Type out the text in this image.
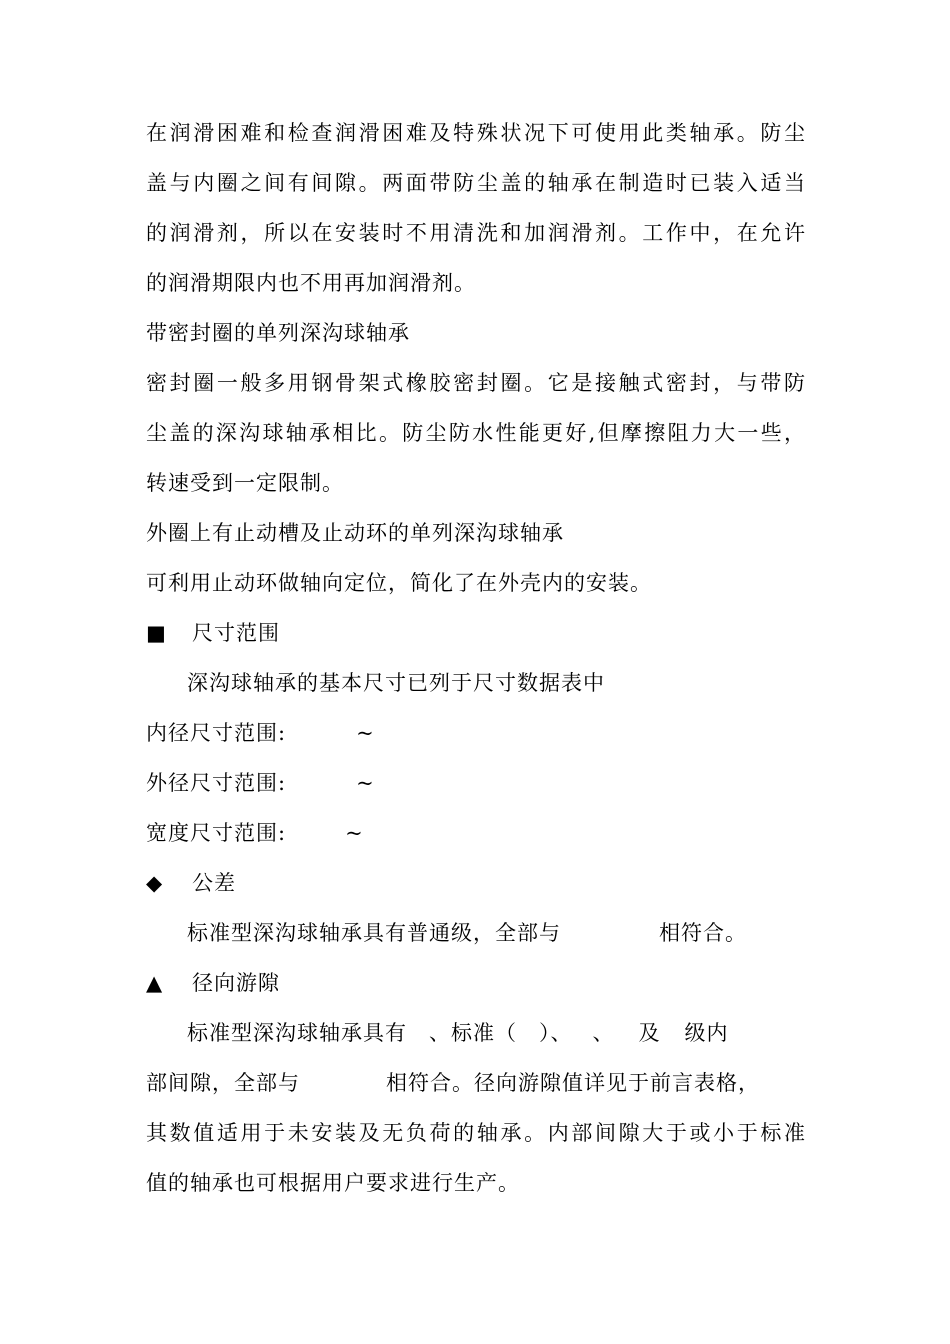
在润滑困难和检查润滑困难及特殊状况下可使用此类轴承。防尘
盖与内圈之间有间隙。两面带防尘盖的轴承在制造时已装入适当
的润滑剂，所以在安装时不用清洗和加润滑剂。工作中，在允许
的润滑期限内也不用再加润滑剂。
带密封圈的单列深沟球轴承
密封圈一般多用钢骨架式橡胶密封圈。它是接触式密封，与带防
尘盖的深沟球轴承相比。防尘防水性能更好,但摩擦阻力大一些，
转速受到一定限制。
外圈上有止动槽及止动环的单列深沟球轴承
可利用止动环做轴向定位，简化了在外壳内的安装。
■ 尺寸范围
深沟球轴承的基本尺寸已列于尺寸数据表中
内径尺寸范围:	~
外径尺寸范围:	~
宽度尺寸范围:	~
◆ 公差
标准型深沟球轴承具有普通级，全部与	相符合。
▲ 径向游隙
标准型深沟球轴承具有 、标准（ ）、 、 及 级内
部间隙，全部与	相符合。径向游隙值详见于前言表格，
其数值适用于未安装及无负荷的轴承。内部间隙大于或小于标准
值的轴承也可根据用户要求进行生产。
